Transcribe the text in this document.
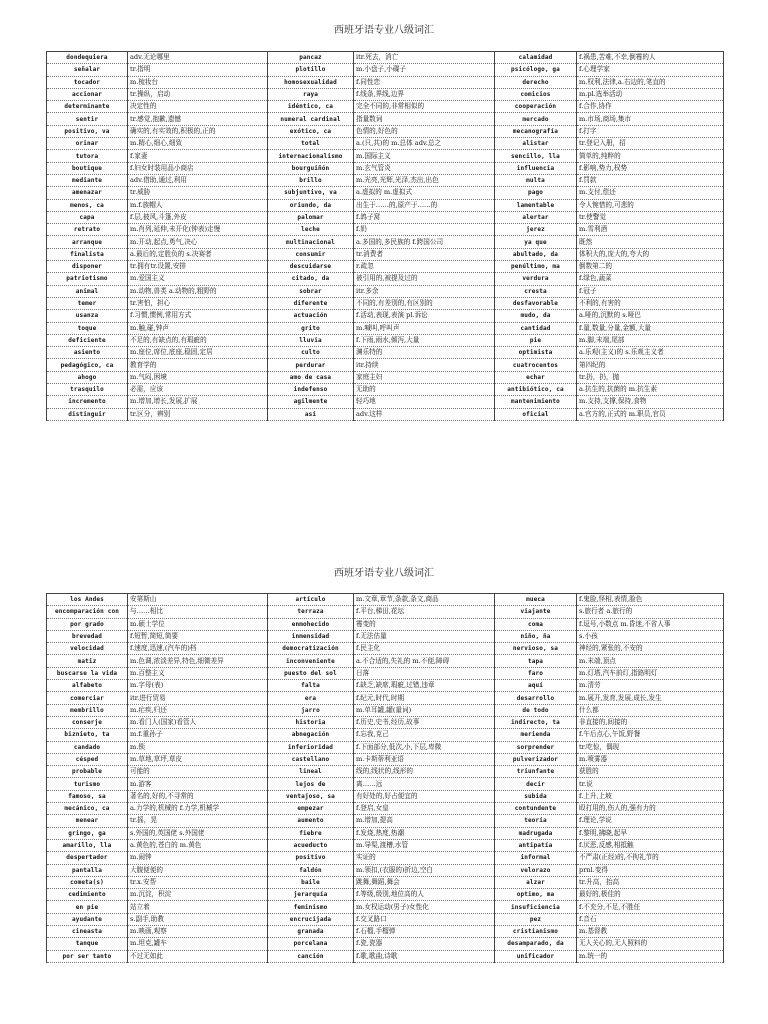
西班牙语专业八级词汇
dondequiera	adv.无论哪里	pancaz	itr.死去，消亡	calamidad	f.祸患,苦难,不幸,倒霉的人
señalar	tr.指明	plotillo	m.小盘子,小碟子	psicólogo, ga	f.心理学家
tocador	m.梳妆台	homosexualidad	f.同性恋	derecho	m.权利,法律,a.右边的,笔直的
accionar	tr.操纵，启动	raya	f.线条,界线,边界	comicios	m.pl.选举活动
determinante	决定性的	idéntico, ca	完全不同的,非常相似的	cooperación	f.合作,协作
sentir	tr.感觉,抱歉,遗憾	numeral cardinal	指量数词	mercado	m.市场,商场,集市
positivo, va	确实的,有实效的,积极的,正的	exótico, ca	色情的,好色的	mecanografía	f.打字
orinar	m.精心,细心,细致	total	a.(只,共)的 m.总体 adv.总之	alistar	tr.登记入册，招
tutora	f.家妻	internacionalismo	m.国际主义	sencillo, lla	简单的,纯粹的
boutique	f.妇女时装用品小商店	bourguiñón	m.玄气管炎	influencia	f.影响,势力,权势
mediante	adv.借助,通过,利用	brillo	m.光亮,光辉,光泽,杰出,出色	multa	f.罚款
amenazar	tr.威胁	subjuntivo, va	a.虚拟的 m.虚拟式	pago	m.支付,偿还
menos, ca	m.f.族帽人	oriundo, da	出生于……的,原产于……的	lamentable	令人惋惜的,可悲的
capa	f.层,披风,斗篷,外皮	palomar	f.鸽子窝	alertar	tr.使警觉
retrato	m.肖列,延伸,未开化(钟表)走慢	leche	f.奶	jerez	m.雪利酒
arranque	m.开动,起点,勇气,决心	multinacional	a.多国的,多民族的 f.跨国公司	ya que	既然
finalista	a.最后的,定胜负的 s.决赛者	consumir	tr.消费者	abultado, da	体积大的,庞大的,夸大的
disponer	tr.拥有tr.设置,安排	descuidarse	r.疏忽	penúltimo, ma	倒数第二的
patriotismo	m.爱国主义	citado, da	被引用的,被提及过的	verdura	f.绿色,蔬菜
animal	m.动物,兽类 a.动物的,粗野的	sobrar	itr.多余	cresta	f.冠子
temer	tr.害怕，担心	diferente	不同的,有差别的,有区别的	desfavorable	不利的,有害的
usanza	f.习惯,惯例,常用方式	actuación	f.活动,表现,表演 pl.诉讼	mudo, da	a.哑的,沉默的 s.哑巴
toque	m.触,碰,钟声	grito	m.喊叫,呼叫声	cantidad	f.量,数量,分量,金额,大量
deficiente	不足的,有缺点的,有瑕疵的	lluvia	f.下雨,雨水,倾泻,大量	pie	m.脚,末端,尾部
asiento	m.座位,席位,底座,稳固,定居	culto	渊乐特的	optimista	a.乐观(主义)的 s.乐观主义者
pedagógico, ca	教育学的	perdurar	itr.持续	cuatrocentos	第四纪的
ahogo	m.气闷,困境	amo de casa	家庭主妇	echar	tr.扔，扔，抛
trasquilo	必需，应该	indefenso	无助的	antibiótico, ca	a.抗生的,抗菌的 m.抗生素
incremento	m.增加,增长,发展,扩展	agilmente	轻巧地	mantenimiento	m.支持,支撑,保持,食物
distinguir	tr.区分，辨别	así	adv.这样	oficial	a.官方的,正式的 m.职员,官员
西班牙语专业八级词汇
los Andes	安第斯山	artículo	m.文章,章节,条款,条文,商品	mueca	f.鬼脸,怪相,表情,脸色
encomparación con	与……相比	terraza	f.平台,梯田,花坛	viajante	s.旅行者 a.旅行的
por grado	m.硕士学位	enmohecido	霉变的	coma	f.逗号,小数点 m.昏迷,不省人事
brevedad	f.短暂,简短,简要	inmensidad	f.无法估量	niño, ña	s.小孩
velocidad	f.速度,迅速,(汽车的)档	democratización	f.民主化	nervioso, sa	神经的,紧张的,不安的
matiz	m.色调,浓淡差异,特色,细微差异	inconveniente	a.不合适的,失礼的 m.不便,障碍	tapa	m.末端,顶点
buscarse la vida	m.百整主义	puesto del sol	日落	faro	m.灯塔,汽车前灯,指路明灯
alfabeto	m.字母(表)	falta	f.缺乏,缺席,瑕疵,过错,违章	aquí	m.清劳
comerciar	itr.进行贸易	era	f.纪元,时代,时期	desarrollo	m.展开,发育,发展,成长,发生
membrillo	m.疟疾,归还	jarro	m.单耳罐,罐(量词)	de todo	什么都
conserje	m.看门人(国家)看管人	historia	f.历史,史书,经历,故事	indirecto, ta	非直接的,间接的
biznieto, ta	m.f.重孙子	abnegación	f.忘我,克己	merienda	f.午后点心,午饭,野餐
candado	m.锁	inferioridad	f.下面部分,低次,小,下层,卑微	sorprender	tr.吃惊，偶现
césped	m.草地,草坪,草皮	castellano	m.卡斯蒂利亚语	pulverizador	m.喷雾器
probable	可能的	lineal	线的,线状的,线形的	triunfante	获胜的
turismo	m.游客	lejos de	离……远	decir	tr.说
famoso, sa	著名的,好的,不寻常的	ventajoso, sa	有好处的,好占便宜的	subida	f.上升,上坡
mecánico, ca	a.力学的,机械的 f.力学,机械学	empezar	f.登启,女皇	contundente	殴打用的,伤人的,强有力的
menear	tr.摇，晃	aumento	m.增加,提高	teoría	f.理论,学说
gringo, ga	s.外国的,英国佬 s.外国佬	fiebre	f.发烧,热度,热潮	madrugada	f.黎明,拂晓,起早
amarillo, lla	a.黄色的,苍白的 m.黄色	acueducto	m.导渠,渡槽,水管	antipatía	f.厌恶,反感,相抵触
despertador	m.闹钟	positivo	实证的	informal	不严肃(正经)的,不拘礼节的
pantalla	大腹便便的	faldón	m.领扣,(衣服的)折边,空白	velorazo	prnl.变得
cometa(s)	tr.x.安帮	baile	跳舞,舞蹈,舞会	alzar	tr.升高，抬高
cedimiento	m.沉淀，积淀	jerarquía	f.等级,级别,地位高的人	optimo, ma	最好的,极佳的
en pie	站立着	feminismo	m.女权运动(男子)女性化	insuficiencia	f.不充分,不足,不胜任
ayudante	s.副手,助教	encrucijada	f.交叉路口	pez	f.音石
cineasta	m.映画,观察	granada	f.石榴,手榴弹	cristianismo	m.基督教
tanque	m.坦克,罐车	porcelana	f.瓷,瓷器	desamparado, da	无人关心的,无人照料的
por ser tanto	不过无如此	canción	f.歌,歌曲,诗歌	unificador	m.统一的
